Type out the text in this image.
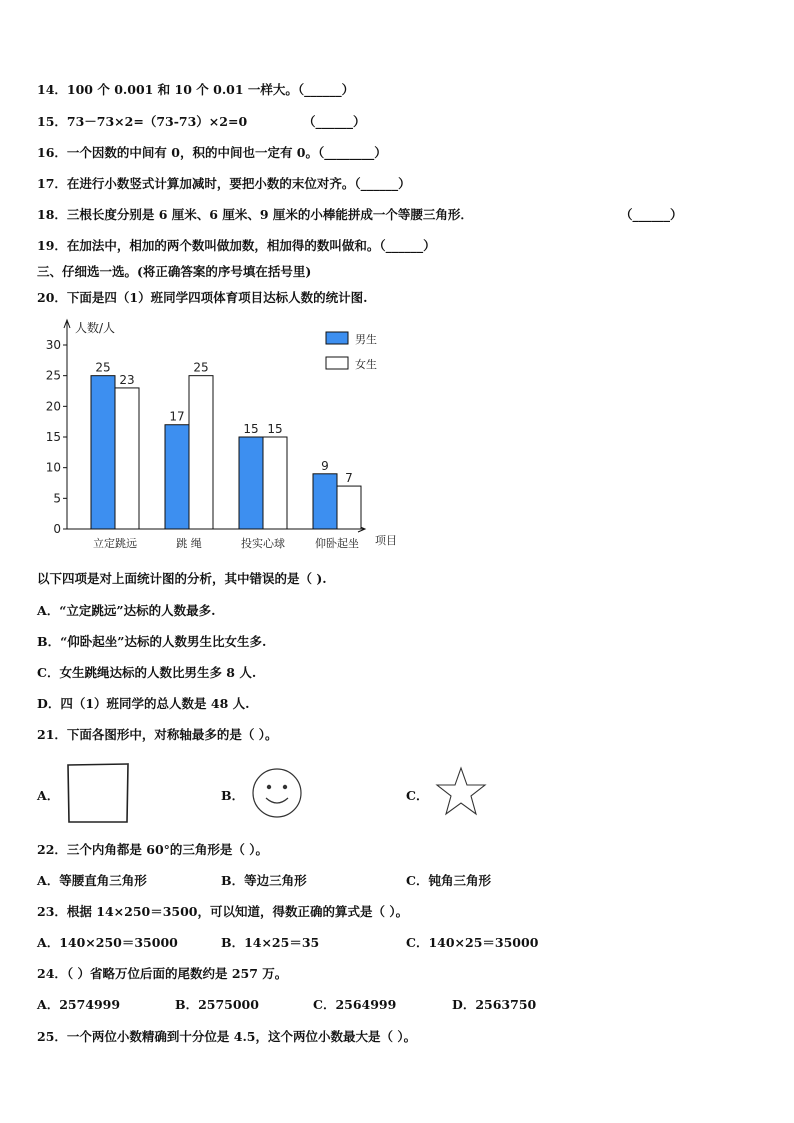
14．100 个 0.001 和 10 个 0.01 一样大。（______）
15．73－73×2=（73-73）×2=0	（______）
16．一个因数的中间有 0，积的中间也一定有 0。（________）
17．在进行小数竖式计算加减时，要把小数的末位对齐。（______）
18．三根长度分别是 6 厘米、6 厘米、9 厘米的小棒能拼成一个等腰三角形．	（______）
19．在加法中，相加的两个数叫做加数，相加得的数叫做和。（______）
三、仔细选一选。(将正确答案的序号填在括号里)
20．下面是四（1）班同学四项体育项目达标人数的统计图.
人数/人
项目
0
5
10
15
20
25
30
25
23
立定跳远
17
25
跳 绳
15 15
投实心球
9
7
仰卧起坐
男生
女生
以下四项是对上面统计图的分析，其中错误的是（ ).
A．“立定跳远”达标的人数最多.
B．“仰卧起坐”达标的人数男生比女生多.
C．女生跳绳达标的人数比男生多 8 人.
D．四（1）班同学的总人数是 48 人.
21．下面各图形中，对称轴最多的是（ ）。
A．	B．	C．
22．三个内角都是 60°的三角形是（ ）。
A．等腰直角三角形	B．等边三角形	C．钝角三角形
23．根据 14×250＝3500，可以知道，得数正确的算式是（ ）。
A．140×250＝35000	B．14×25＝35	C．140×25＝35000
24．（ ）省略万位后面的尾数约是 257 万。
A．2574999	B．2575000	C．2564999	D．2563750
25．一个两位小数精确到十分位是 4.5，这个两位小数最大是（ ）。
